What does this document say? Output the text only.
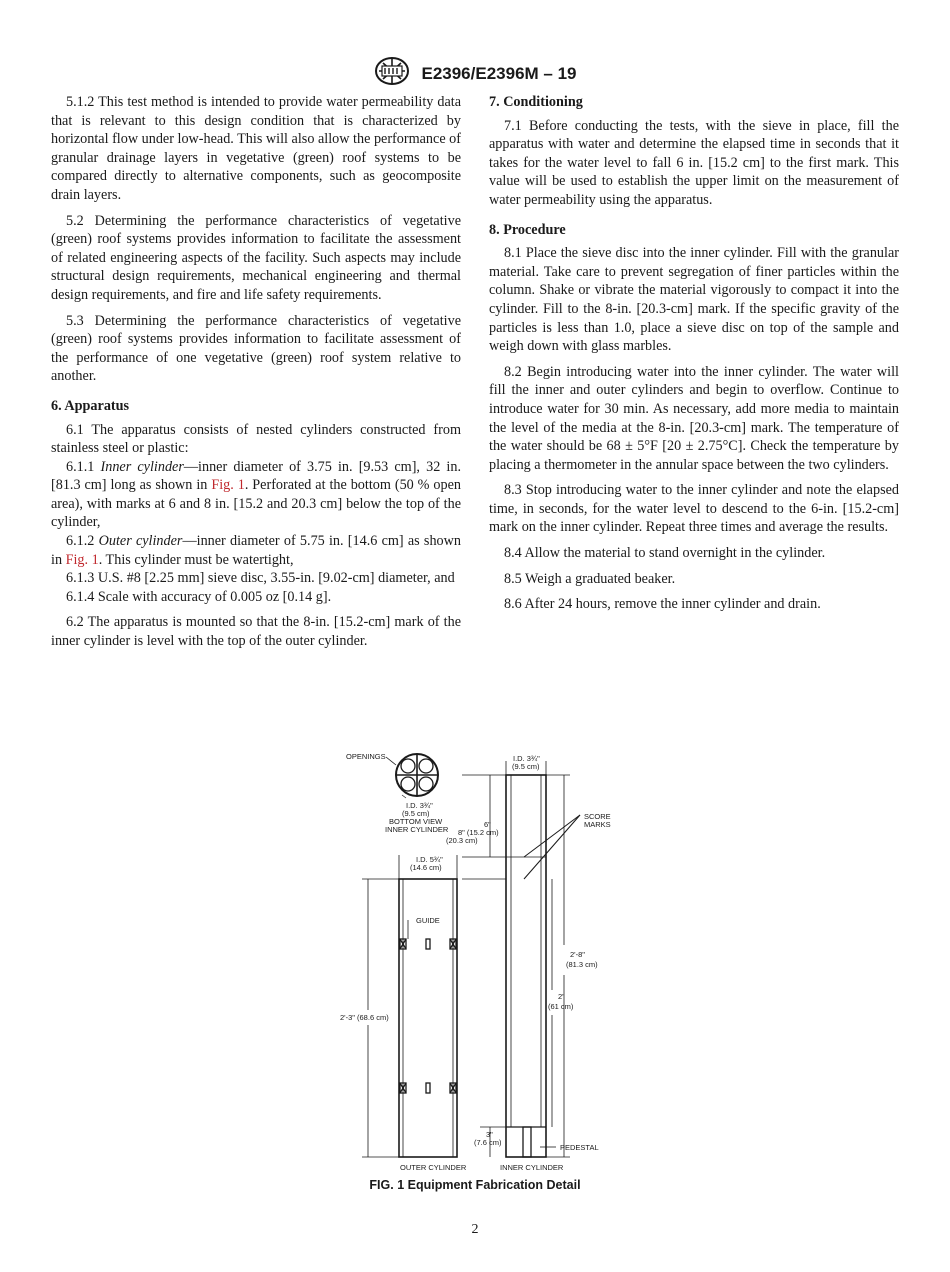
E2396/E2396M – 19

5.1.2 This test method is intended to provide water permeability data that is relevant to this design condition that is characterized by horizontal flow under low-head. This will also allow the performance of granular drainage layers in vegetative (green) roof systems to be compared directly to alternative components, such as geocomposite drain layers.

5.2 Determining the performance characteristics of vegetative (green) roof systems provides information to facilitate the assessment of related engineering aspects of the facility. Such aspects may include structural design requirements, mechanical engineering and thermal design requirements, and fire and life safety requirements.

5.3 Determining the performance characteristics of vegetative (green) roof systems provides information to facilitate assessment of the performance of one vegetative (green) roof system relative to another.

6. Apparatus

6.1 The apparatus consists of nested cylinders constructed from stainless steel or plastic:

6.1.1 Inner cylinder—inner diameter of 3.75 in. [9.53 cm], 32 in. [81.3 cm] long as shown in Fig. 1. Perforated at the bottom (50 % open area), with marks at 6 and 8 in. [15.2 and 20.3 cm] below the top of the cylinder,

6.1.2 Outer cylinder—inner diameter of 5.75 in. [14.6 cm] as shown in Fig. 1. This cylinder must be watertight,

6.1.3 U.S. #8 [2.25 mm] sieve disc, 3.55-in. [9.02-cm] diameter, and

6.1.4 Scale with accuracy of 0.005 oz [0.14 g].

6.2 The apparatus is mounted so that the 8-in. [15.2-cm] mark of the inner cylinder is level with the top of the outer cylinder.

7. Conditioning

7.1 Before conducting the tests, with the sieve in place, fill the apparatus with water and determine the elapsed time in seconds that it takes for the water level to fall 6 in. [15.2 cm] to the first mark. This value will be used to establish the upper limit on the measurement of water permeability using the apparatus.

8. Procedure

8.1 Place the sieve disc into the inner cylinder. Fill with the granular material. Take care to prevent segregation of finer particles within the column. Shake or vibrate the material vigorously to compact it into the cylinder. Fill to the 8-in. [20.3-cm] mark. If the specific gravity of the particles is less than 1.0, place a sieve disc on top of the sample and weigh down with glass marbles.

8.2 Begin introducing water into the inner cylinder. The water will fill the inner and outer cylinders and begin to overflow. Continue to introduce water for 30 min. As necessary, add more media to maintain the level of the media at the 8-in. [20.3-cm] mark. The temperature of the water should be 68 ± 5°F [20 ± 2.75°C]. Check the temperature by placing a thermometer in the annular space between the two cylinders.

8.3 Stop introducing water to the inner cylinder and note the elapsed time, in seconds, for the water level to descend to the 6-in. [15.2-cm] mark on the inner cylinder. Repeat three times and average the results.

8.4 Allow the material to stand overnight in the cylinder.

8.5 Weigh a graduated beaker.

8.6 After 24 hours, remove the inner cylinder and drain.

OPENINGS
I.D. 3¾"
(9.5 cm)
BOTTOM VIEW
INNER CYLINDER
I.D. 3¾"
(9.5 cm)
6"
8" (15.2 cm)
(20.3 cm)
I.D. 5¾"
(14.6 cm)
SCORE
MARKS
GUIDE
2'-8"
(81.3 cm)
2'
(61 cm)
2'-3" (68.6 cm)
3"
(7.6 cm)
PEDESTAL
OUTER CYLINDER	INNER CYLINDER
FIG. 1 Equipment Fabrication Detail
2
